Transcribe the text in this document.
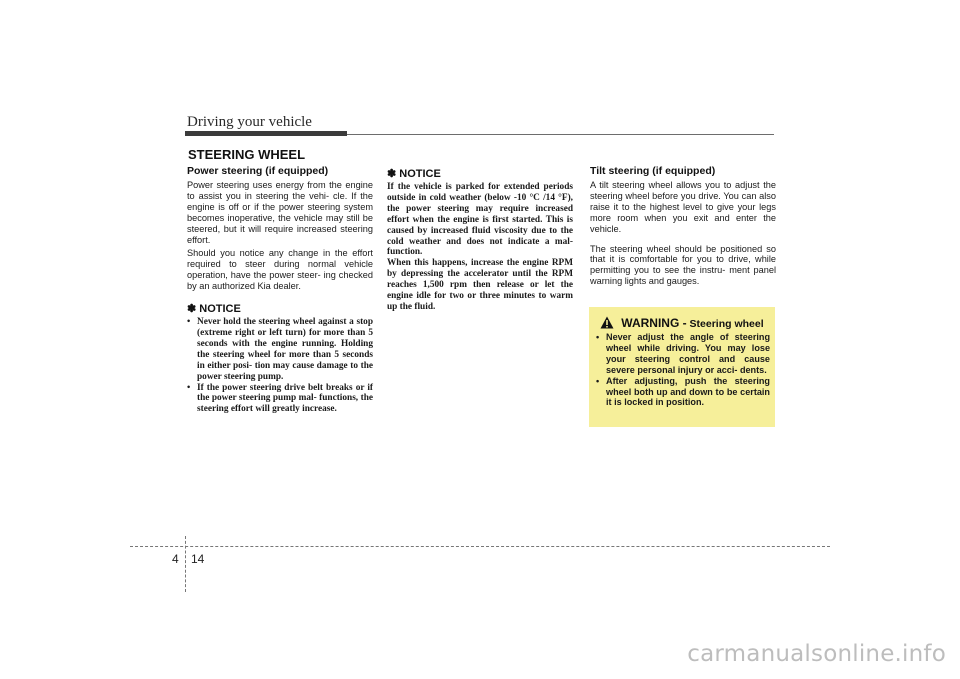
Driving your vehicle
STEERING WHEEL

Power steering (if equipped)

Power steering uses energy from the engine to assist you in steering the vehi- cle. If the engine is off or if the power steering system becomes inoperative, the vehicle may still be steered, but it will require increased steering effort.

Should you notice any change in the effort required to steer during normal vehicle operation, have the power steer- ing checked by an authorized Kia dealer.

✽ NOTICE

• Never hold the steering wheel against a stop (extreme right or left turn) for more than 5 seconds with the engine running. Holding the steering wheel for more than 5 seconds in either posi- tion may cause damage to the power steering pump.
• If the power steering drive belt breaks or if the power steering pump mal- functions, the steering effort will greatly increase.

✽ NOTICE

If the vehicle is parked for extended periods outside in cold weather (below -10 °C /14 °F), the power steering may require increased effort when the engine is first started. This is caused by increased fluid viscosity due to the cold weather and does not indicate a mal- function.

When this happens, increase the engine RPM by depressing the accelerator until the RPM reaches 1,500 rpm then release or let the engine idle for two or three minutes to warm up the fluid.

Tilt steering (if equipped)

A tilt steering wheel allows you to adjust the steering wheel before you drive. You can also raise it to the highest level to give your legs more room when you exit and enter the vehicle.

The steering wheel should be positioned so that it is comfortable for you to drive, while permitting you to see the instru- ment panel warning lights and gauges.

WARNING - Steering wheel
• Never adjust the angle of steering wheel while driving. You may lose your steering control and cause severe personal injury or acci- dents.
• After adjusting, push the steering wheel both up and down to be certain it is locked in position.
4 14
carmanualsonline.info
